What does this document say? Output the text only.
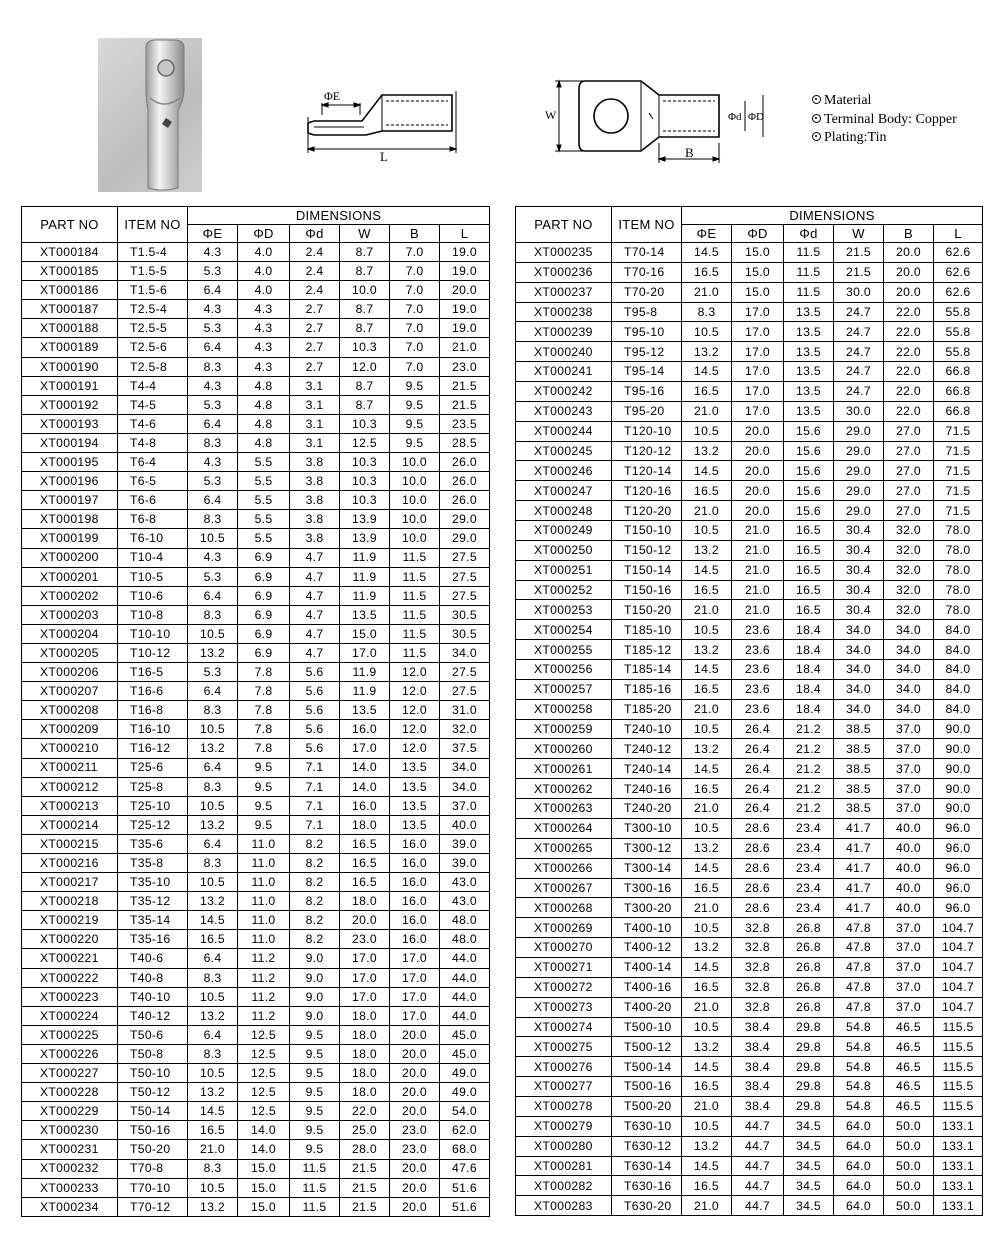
ΦE
L
W	Φd ΦD
B
Material
Terminal Body: Copper
Plating:Tin
PART NO	ITEM NO	DIMENSIONS					
		ΦE	ΦD	Φd	W	B	L
XT000184	T1.5-4	4.3	4.0	2.4	8.7	7.0	19.0
XT000185	T1.5-5	5.3	4.0	2.4	8.7	7.0	19.0
XT000186	T1.5-6	6.4	4.0	2.4	10.0	7.0	20.0
XT000187	T2.5-4	4.3	4.3	2.7	8.7	7.0	19.0
XT000188	T2.5-5	5.3	4.3	2.7	8.7	7.0	19.0
XT000189	T2.5-6	6.4	4.3	2.7	10.3	7.0	21.0
XT000190	T2.5-8	8.3	4.3	2.7	12.0	7.0	23.0
XT000191	T4-4	4.3	4.8	3.1	8.7	9.5	21.5
XT000192	T4-5	5.3	4.8	3.1	8.7	9.5	21.5
XT000193	T4-6	6.4	4.8	3.1	10.3	9.5	23.5
XT000194	T4-8	8.3	4.8	3.1	12.5	9.5	28.5
XT000195	T6-4	4.3	5.5	3.8	10.3	10.0	26.0
XT000196	T6-5	5.3	5.5	3.8	10.3	10.0	26.0
XT000197	T6-6	6.4	5.5	3.8	10.3	10.0	26.0
XT000198	T6-8	8.3	5.5	3.8	13.9	10.0	29.0
XT000199	T6-10	10.5	5.5	3.8	13.9	10.0	29.0
XT000200	T10-4	4.3	6.9	4.7	11.9	11.5	27.5
XT000201	T10-5	5.3	6.9	4.7	11.9	11.5	27.5
XT000202	T10-6	6.4	6.9	4.7	11.9	11.5	27.5
XT000203	T10-8	8.3	6.9	4.7	13.5	11.5	30.5
XT000204	T10-10	10.5	6.9	4.7	15.0	11.5	30.5
XT000205	T10-12	13.2	6.9	4.7	17.0	11.5	34.0
XT000206	T16-5	5.3	7.8	5.6	11.9	12.0	27.5
XT000207	T16-6	6.4	7.8	5.6	11.9	12.0	27.5
XT000208	T16-8	8.3	7.8	5.6	13.5	12.0	31.0
XT000209	T16-10	10.5	7.8	5.6	16.0	12.0	32.0
XT000210	T16-12	13.2	7.8	5.6	17.0	12.0	37.5
XT000211	T25-6	6.4	9.5	7.1	14.0	13.5	34.0
XT000212	T25-8	8.3	9.5	7.1	14.0	13.5	34.0
XT000213	T25-10	10.5	9.5	7.1	16.0	13.5	37.0
XT000214	T25-12	13.2	9.5	7.1	18.0	13.5	40.0
XT000215	T35-6	6.4	11.0	8.2	16.5	16.0	39.0
XT000216	T35-8	8.3	11.0	8.2	16.5	16.0	39.0
XT000217	T35-10	10.5	11.0	8.2	16.5	16.0	43.0
XT000218	T35-12	13.2	11.0	8.2	18.0	16.0	43.0
XT000219	T35-14	14.5	11.0	8.2	20.0	16.0	48.0
XT000220	T35-16	16.5	11.0	8.2	23.0	16.0	48.0
XT000221	T40-6	6.4	11.2	9.0	17.0	17.0	44.0
XT000222	T40-8	8.3	11.2	9.0	17.0	17.0	44.0
XT000223	T40-10	10.5	11.2	9.0	17.0	17.0	44.0
XT000224	T40-12	13.2	11.2	9.0	18.0	17.0	44.0
XT000225	T50-6	6.4	12.5	9.5	18.0	20.0	45.0
XT000226	T50-8	8.3	12.5	9.5	18.0	20.0	45.0
XT000227	T50-10	10.5	12.5	9.5	18.0	20.0	49.0
XT000228	T50-12	13.2	12.5	9.5	18.0	20.0	49.0
XT000229	T50-14	14.5	12.5	9.5	22.0	20.0	54.0
XT000230	T50-16	16.5	14.0	9.5	25.0	23.0	62.0
XT000231	T50-20	21.0	14.0	9.5	28.0	23.0	68.0
XT000232	T70-8	8.3	15.0	11.5	21.5	20.0	47.6
XT000233	T70-10	10.5	15.0	11.5	21.5	20.0	51.6
XT000234	T70-12	13.2	15.0	11.5	21.5	20.0	51.6
PART NO	ITEM NO	DIMENSIONS					
		ΦE	ΦD	Φd	W	B	L
XT000235	T70-14	14.5	15.0	11.5	21.5	20.0	62.6
XT000236	T70-16	16.5	15.0	11.5	21.5	20.0	62.6
XT000237	T70-20	21.0	15.0	11.5	30.0	20.0	62.6
XT000238	T95-8	8.3	17.0	13.5	24.7	22.0	55.8
XT000239	T95-10	10.5	17.0	13.5	24.7	22.0	55.8
XT000240	T95-12	13.2	17.0	13.5	24.7	22.0	55.8
XT000241	T95-14	14.5	17.0	13.5	24.7	22.0	66.8
XT000242	T95-16	16.5	17.0	13.5	24.7	22.0	66.8
XT000243	T95-20	21.0	17.0	13.5	30.0	22.0	66.8
XT000244	T120-10	10.5	20.0	15.6	29.0	27.0	71.5
XT000245	T120-12	13.2	20.0	15.6	29.0	27.0	71.5
XT000246	T120-14	14.5	20.0	15.6	29.0	27.0	71.5
XT000247	T120-16	16.5	20.0	15.6	29.0	27.0	71.5
XT000248	T120-20	21.0	20.0	15.6	29.0	27.0	71.5
XT000249	T150-10	10.5	21.0	16.5	30.4	32.0	78.0
XT000250	T150-12	13.2	21.0	16.5	30.4	32.0	78.0
XT000251	T150-14	14.5	21.0	16.5	30.4	32.0	78.0
XT000252	T150-16	16.5	21.0	16.5	30.4	32.0	78.0
XT000253	T150-20	21.0	21.0	16.5	30.4	32.0	78.0
XT000254	T185-10	10.5	23.6	18.4	34.0	34.0	84.0
XT000255	T185-12	13.2	23.6	18.4	34.0	34.0	84.0
XT000256	T185-14	14.5	23.6	18.4	34.0	34.0	84.0
XT000257	T185-16	16.5	23.6	18.4	34.0	34.0	84.0
XT000258	T185-20	21.0	23.6	18.4	34.0	34.0	84.0
XT000259	T240-10	10.5	26.4	21.2	38.5	37.0	90.0
XT000260	T240-12	13.2	26.4	21.2	38.5	37.0	90.0
XT000261	T240-14	14.5	26.4	21.2	38.5	37.0	90.0
XT000262	T240-16	16.5	26.4	21.2	38.5	37.0	90.0
XT000263	T240-20	21.0	26.4	21.2	38.5	37.0	90.0
XT000264	T300-10	10.5	28.6	23.4	41.7	40.0	96.0
XT000265	T300-12	13.2	28.6	23.4	41.7	40.0	96.0
XT000266	T300-14	14.5	28.6	23.4	41.7	40.0	96.0
XT000267	T300-16	16.5	28.6	23.4	41.7	40.0	96.0
XT000268	T300-20	21.0	28.6	23.4	41.7	40.0	96.0
XT000269	T400-10	10.5	32.8	26.8	47.8	37.0	104.7
XT000270	T400-12	13.2	32.8	26.8	47.8	37.0	104.7
XT000271	T400-14	14.5	32.8	26.8	47.8	37.0	104.7
XT000272	T400-16	16.5	32.8	26.8	47.8	37.0	104.7
XT000273	T400-20	21.0	32.8	26.8	47.8	37.0	104.7
XT000274	T500-10	10.5	38.4	29.8	54.8	46.5	115.5
XT000275	T500-12	13.2	38.4	29.8	54.8	46.5	115.5
XT000276	T500-14	14.5	38.4	29.8	54.8	46.5	115.5
XT000277	T500-16	16.5	38.4	29.8	54.8	46.5	115.5
XT000278	T500-20	21.0	38.4	29.8	54.8	46.5	115.5
XT000279	T630-10	10.5	44.7	34.5	64.0	50.0	133.1
XT000280	T630-12	13.2	44.7	34.5	64.0	50.0	133.1
XT000281	T630-14	14.5	44.7	34.5	64.0	50.0	133.1
XT000282	T630-16	16.5	44.7	34.5	64.0	50.0	133.1
XT000283	T630-20	21.0	44.7	34.5	64.0	50.0	133.1
